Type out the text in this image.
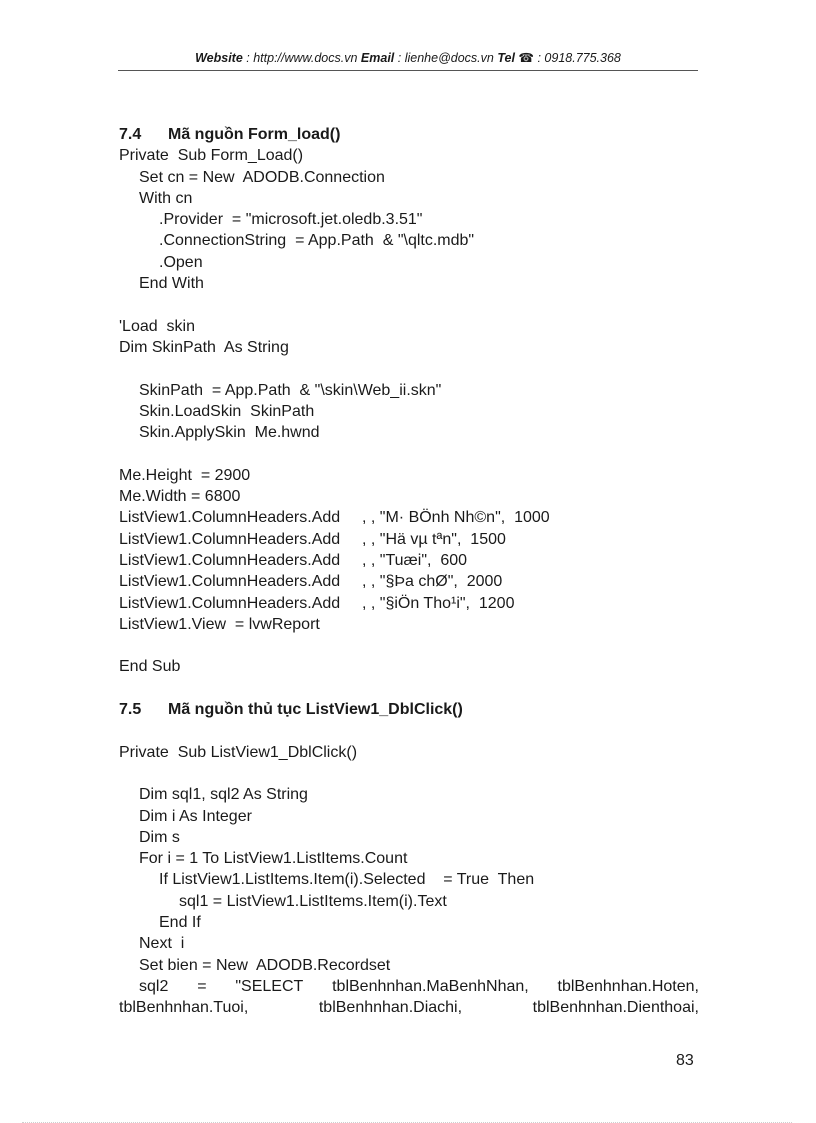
Website : http://www.docs.vn Email : lienhe@docs.vn Tel ☎ : 0918.775.368
7.4 Mã nguồn Form_load()
Private  Sub Form_Load()
Set cn = New  ADODB.Connection
With cn
.Provider  = "microsoft.jet.oledb.3.51"
.ConnectionString  = App.Path  & "\qltc.mdb"
.Open
End With
'Load  skin
Dim SkinPath  As String
SkinPath  = App.Path  & "\skin\Web_ii.skn"
Skin.LoadSkin  SkinPath
Skin.ApplySkin  Me.hwnd
Me.Height  = 2900
Me.Width = 6800
ListView1.ColumnHeaders.Add , , "M· BÖnh Nh©n",  1000
ListView1.ColumnHeaders.Add , , "Hä vµ tªn",  1500
ListView1.ColumnHeaders.Add , , "Tuæi",  600
ListView1.ColumnHeaders.Add , , "§Þa chØ",  2000
ListView1.ColumnHeaders.Add , , "§iÖn Tho¹i",  1200
ListView1.View  = lvwReport
End Sub
7.5 Mã nguồn thủ tục ListView1_DblClick()
Private  Sub ListView1_DblClick()
Dim sql1, sql2 As String
Dim i As Integer
Dim s
For i = 1 To ListView1.ListItems.Count
If ListView1.ListItems.Item(i).Selected    = True  Then
sql1 = ListView1.ListItems.Item(i).Text
End If
Next  i
Set bien = New  ADODB.Recordset
sql2 = "SELECT tblBenhnhan.MaBenhNhan, tblBenhnhan.Hoten,
tblBenhnhan.Tuoi,	tblBenhnhan.Diachi,	tblBenhnhan.Dienthoai,
83
